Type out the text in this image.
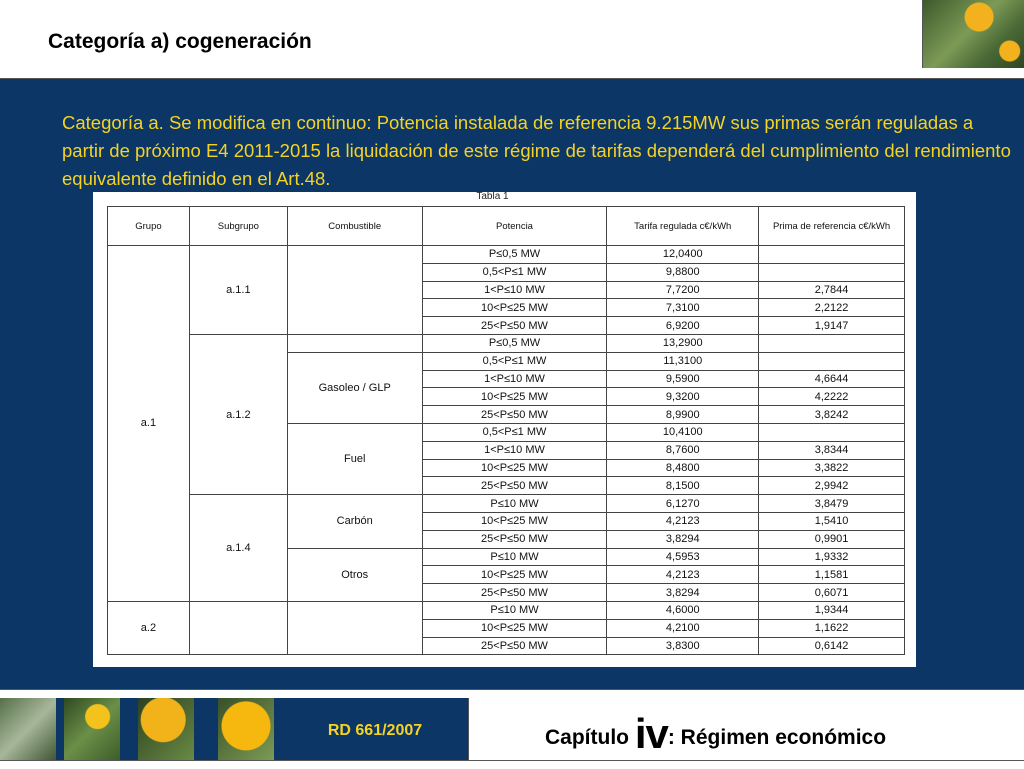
Categoría a) cogeneración
Categoría a. Se modifica en continuo: Potencia instalada de referencia 9.215MW sus primas serán reguladas a partir de próximo E4 2011-2015 la liquidación de este régime de tarifas dependerá del cumplimiento del rendimiento equivalente definido en el Art.48.
Tabla 1
Grupo	Subgrupo	Combustible	Potencia	Tarifa regulada c€/kWh	Prima de referencia c€/kWh
a.1	a.1.1		P≤0,5 MW	12,0400	
			0,5<P≤1 MW	9,8800	
			1<P≤10 MW	7,7200	2,7844
			10<P≤25 MW	7,3100	2,2122
			25<P≤50 MW	6,9200	1,9147
	a.1.2		P≤0,5 MW	13,2900	
		Gasoleo / GLP	0,5<P≤1 MW	11,3100	
			1<P≤10 MW	9,5900	4,6644
			10<P≤25 MW	9,3200	4,2222
			25<P≤50 MW	8,9900	3,8242
		Fuel	0,5<P≤1 MW	10,4100	
			1<P≤10 MW	8,7600	3,8344
			10<P≤25 MW	8,4800	3,3822
			25<P≤50 MW	8,1500	2,9942
	a.1.4	Carbón	P≤10 MW	6,1270	3,8479
			10<P≤25 MW	4,2123	1,5410
			25<P≤50 MW	3,8294	0,9901
		Otros	P≤10 MW	4,5953	1,9332
			10<P≤25 MW	4,2123	1,1581
			25<P≤50 MW	3,8294	0,6071
a.2			P≤10 MW	4,6000	1,9344
			10<P≤25 MW	4,2100	1,1622
			25<P≤50 MW	3,8300	0,6142
RD 661/2007	Capítulo iv: Régimen económico
